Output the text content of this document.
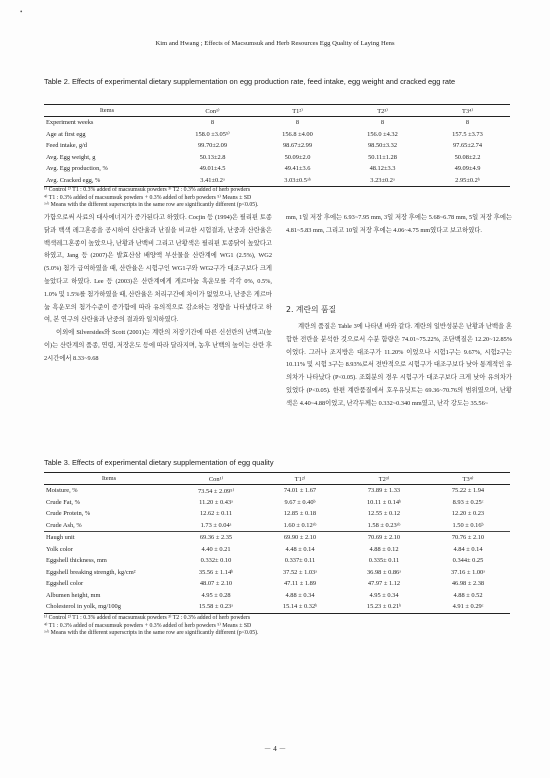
•
Kim and Hwang ; Effects of Macsumsuk and Herb Resources Egg Quality of Laying Hens
Table 2. Effects of experimental dietary supplementation on egg production rate, feed intake, egg weight and cracked egg rate
Items	Con¹⁾	T1²⁾	T2³⁾	T3⁴⁾
Experiment weeks	8	8	8	8
Age at first egg	158.0 ±3.05⁵⁾	156.8 ±4.00	156.0 ±4.32	157.5 ±3.73
Feed intake, g/d	99.70±2.09	98.67±2.99	98.50±3.32	97.65±2.74
Avg. Egg weight, g	50.13±2.8	50.09±2.0	50.11±1.28	50.08±2.2
Avg. Egg production, %	49.01±4.5	49.41±3.6	48.12±3.3	49.09±4.9
Avg. Cracked egg, %	3.41±0.2ᵃ	3.03±0.5ᵃᵇ	3.23±0.2ᵃ	2.95±0.2ᵇ
¹⁾ Control ²⁾ T1 : 0.3% added of macsumsuk powders ³⁾ T2 : 0.3% added of herb powders
⁴⁾ T1 : 0.3% added of macsumsuk powders + 0.3% added of herb powders ⁵⁾ Means ± SD
ᵃ‧ᵇ Means with the different superscripts in the same row are significantly different (p<0.05).
가함으로써 사료의 대사에너지가 증가된다고 하였다. Cocjin 등 (1994)은 필리핀 토종닭과 백색 레그혼종을 공시하여 산란율과 난질을 비교한 시험결과, 난중과 산란율은 백색레그혼종이 높았으나, 난황과 난백비 그리고 난황색은 필리핀 토종닭이 높았다고 하였고, Jang 등 (2007)은 발효산삼 배양액 부산물을 산란계에 WG1 (2.5%), WG2 (5.0%) 첨가 급여하였을 때, 산란율은 시험구인 WG1구와 WG2구가 대조구보다 크게 높았다고 하였다. Lee 등 (2003)은 산란계에게 게르마늄 혹운모를 각각 0%, 0.5%, 1.0% 및 1.5%를 첨가하였을 때, 산란율은 처리구간에 차이가 없었으나, 난중은 게르마늄 흑운모의 첨가수준이 증가함에 따라 유의적으로 감소하는 경향을 나타냈다고 하여, 본 연구의 산란율과 난중의 결과와 일치하였다.
이외에 Silversides와 Scott (2001)는 계란의 저장기간에 따른 신선란의 난백고(높이)는 산란계의 품종, 연령, 저장온도 등에 따라 달라지며, 농후 난백의 높이는 산란 후 2시간에서 8.33~9.68
mm, 1일 저장 후에는 6.93~7.95 mm, 3일 저장 후에는 5.68~6.78 mm, 5일 저장 후에는 4.81~5.83 mm, 그리고 10일 저장 후에는 4.06~4.75 mm였다고 보고하였다.
2. 계란의 품질
계란의 품질은 Table 3에 나타낸 바와 같다. 계란의 일반성분은 난황과 난백을 혼합한 전란을 분석한 것으로서 수분 함량은 74.01~75.22%, 조단백질은 12.20~12.85% 이었다. 그러나 조지방은 대조구가 11.20% 이었으나 시험1구는 9.67%, 시험2구는 10.11% 및 시험 3구는 8.93%로서 전반적으로 시험구가 대조구보다 낮아 통계적인 유의차가 나타났다 (P<0.05). 조회분의 경우 시험구가 대조구보다 크게 낮아 유의차가 있었다 (P<0.05). 한편 계란품질에서 호우유닛트는 69.36~70.76의 범위였으며, 난황색은 4.40~4.88이었고, 난각두께는 0.332~0.340 mm였고, 난각 강도는 35.56~
Table 3. Effects of experimental dietary supplementation of egg quality
Items	Con¹⁾	T1²⁾	T2³⁾	T3⁴⁾
Moisture, %	73.54 ± 2.09⁵⁾	74.01 ± 1.67	73.89 ± 1.33	75.22 ± 1.94
Crude Fat, %	11.20 ± 0.43ᵃ	9.67 ± 0.40ᵇ	10.11 ± 0.14ᵇ	8.93 ± 0.25ᶜ
Crude Protein, %	12.62 ± 0.11	12.85 ± 0.18	12.55 ± 0.12	12.20 ± 0.23
Crude Ash, %	1.73 ± 0.04ᵃ	1.60 ± 0.12ᵃᵇ	1.58 ± 0.23ᵃᵇ	1.50 ± 0.16ᵇ
Haugh unit	69.36 ± 2.35	69.90 ± 2.10	70.69 ± 2.10	70.76 ± 2.10
Yolk color	4.40 ± 0.21	4.48 ± 0.14	4.88 ± 0.12	4.84 ± 0.14
Eggshell thickness, mm	0.332± 0.10	0.337± 0.11	0.335± 0.11	0.344± 0.25
Eggshell breaking strength, kg/cm²	35.56 ± 1.14ᵇ	37.52 ± 1.03ᵃ	36.98 ± 0.86ᵃ	37.16 ± 1.00ᵃ
Eggshell color	48.07 ± 2.10	47.11 ± 1.89	47.97 ± 1.12	46.98 ± 2.38
Albumen height, mm	4.95 ± 0.28	4.88 ± 0.34	4.95 ± 0.34	4.88 ± 0.52
Cholesterol in yolk, mg/100g	15.58 ± 0.23ᵃ	15.14 ± 0.32ᵇ	15.23 ± 0.21ᵇ	4.91 ± 0.29ᶜ
¹⁾ Control ²⁾ T1 : 0.3% added of macsumsuk powders ³⁾ T2 : 0.3% added of herb powders
⁴⁾ T1 : 0.3% added of macsumsuk powders + 0.3% added of herb powders ⁵⁾ Means ± SD
ᵃ‧ᵇ Means with the different superscripts in the same row are significantly different (p<0.05).
－ 4 －
